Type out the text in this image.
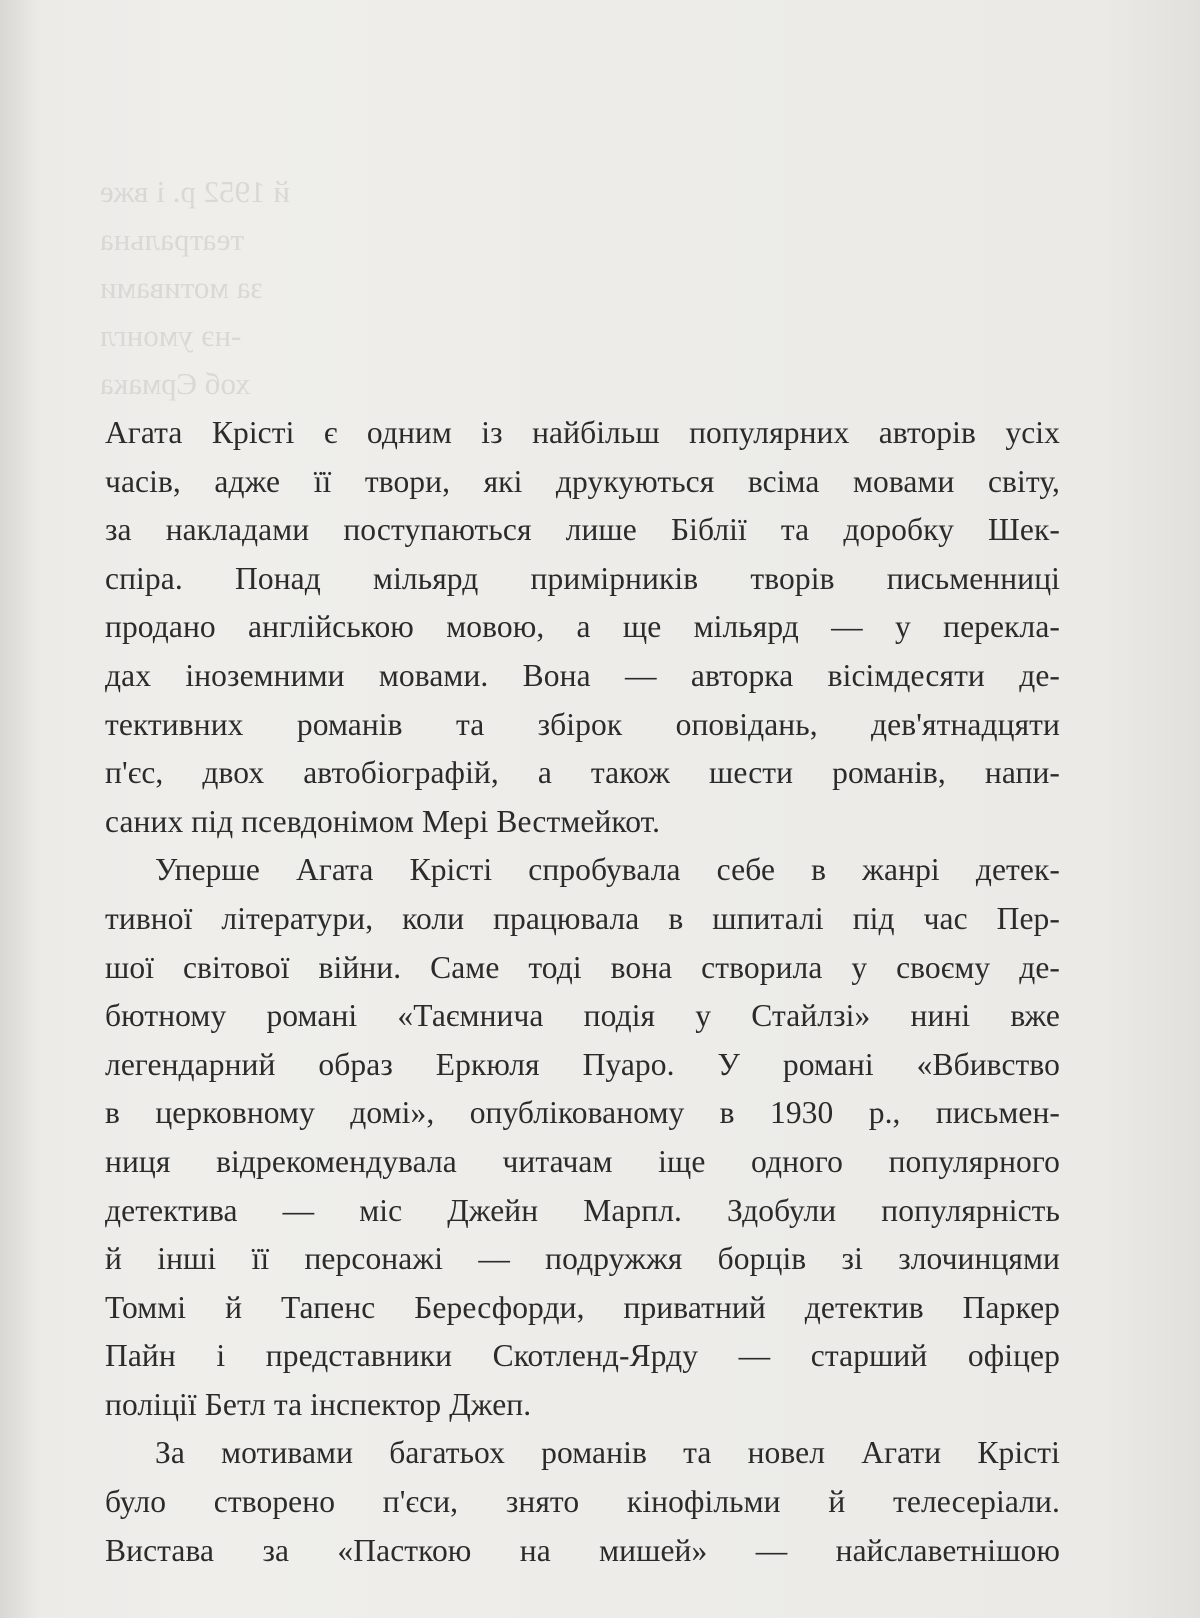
й 1952 р. і вже
театральна
за мотивами
-нэ умонгл
хоб Єрмака
Агата Крісті є одним із найбільш популярних авторів усіх
часів, адже її твори, які друкуються всіма мовами світу,
за накладами поступаються лише Біблії та доробку Шек-
спіра. Понад мільярд примірників творів письменниці
продано англійською мовою, а ще мільярд — у перекла-
дах іноземними мовами. Вона — авторка вісімдесяти де-
тективних романів та збірок оповідань, дев'ятнадцяти
п'єс, двох автобіографій, а також шести романів, напи-
саних під псевдонімом Мері Вестмейкот.
Уперше Агата Крісті спробувала себе в жанрі детек-
тивної літератури, коли працювала в шпиталі під час Пер-
шої світової війни. Саме тоді вона створила у своєму де-
бютному романі «Таємнича подія у Стайлзі» нині вже
легендарний образ Еркюля Пуаро. У романі «Вбивство
в церковному домі», опублікованому в 1930 р., письмен-
ниця відрекомендувала читачам іще одного популярного
детектива — міс Джейн Марпл. Здобули популярність
й інші її персонажі — подружжя борців зі злочинцями
Томмі й Тапенс Бересфорди, приватний детектив Паркер
Пайн і представники Скотленд-Ярду — старший офіцер
поліції Бетл та інспектор Джеп.
За мотивами багатьох романів та новел Агати Крісті
було створено п'єси, знято кінофільми й телесеріали.
Вистава за «Пасткою на мишей» — найславетнішою
